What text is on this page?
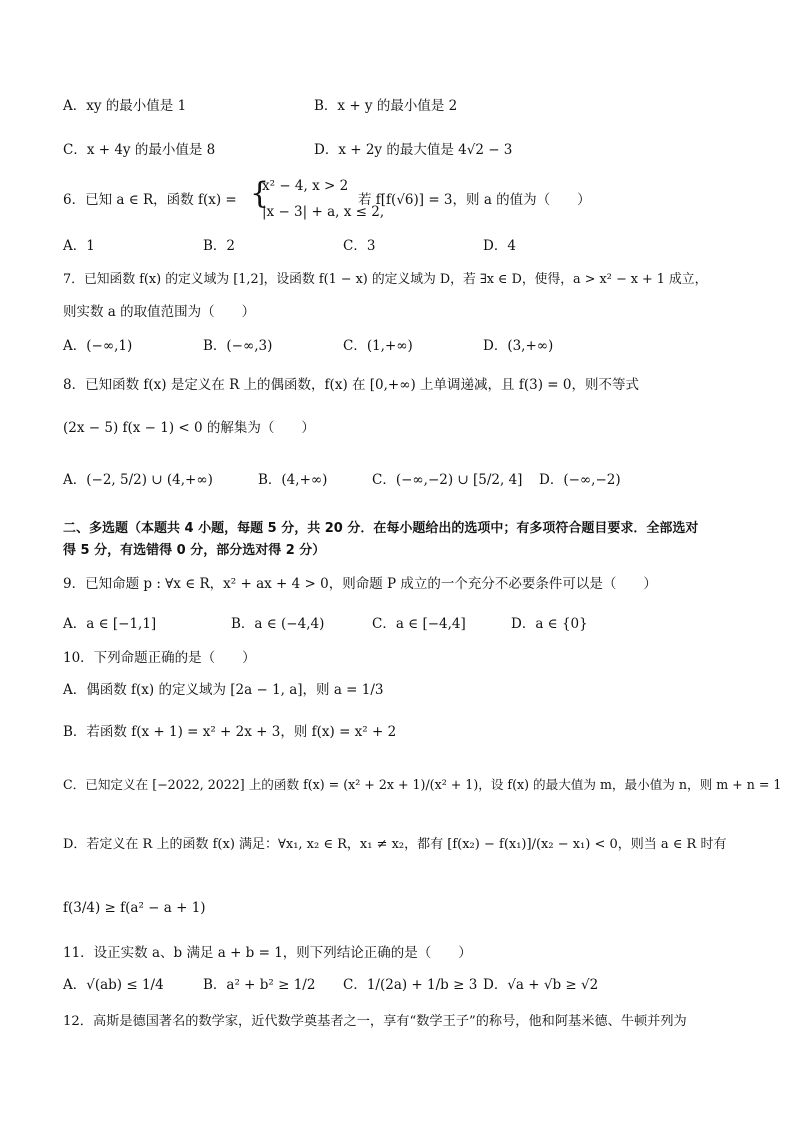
A．xy 的最小值是 1	B．x + y 的最小值是 2
C．x + 4y 的最小值是 8	D．x + 2y 的最大值是 4√2 − 3
6．已知 a ∈ R，函数 f(x) = {
x² − 4, x > 2
|x − 3| + a, x ≤ 2,
若 f[f(√6)] = 3，则 a 的值为（　　）
A．1	B．2	C．3	D．4
7．已知函数 f(x) 的定义域为 [1,2]，设函数 f(1 − x) 的定义域为 D，若 ∃x ∈ D，使得，a > x² − x + 1 成立，
则实数 a 的取值范围为（　　）
A．(−∞,1)	B．(−∞,3)	C．(1,+∞)	D．(3,+∞)
8．已知函数 f(x) 是定义在 R 上的偶函数，f(x) 在 [0,+∞) 上单调递减，且 f(3) = 0，则不等式
(2x − 5) f(x − 1) < 0 的解集为（　　）
A．(−2, 5/2) ∪ (4,+∞)	B．(4,+∞)	C．(−∞,−2) ∪ [5/2, 4] D．(−∞,−2)
二、多选题（本题共 4 小题，每题 5 分，共 20 分．在每小题给出的选项中；有多项符合题目要求．全部选对
得 5 分，有选错得 0 分，部分选对得 2 分）
9．已知命题 p : ∀x ∈ R，x² + ax + 4 > 0，则命题 P 成立的一个充分不必要条件可以是（　　）
A．a ∈ [−1,1]	B．a ∈ (−4,4)	C．a ∈ [−4,4]	D．a ∈ {0}
10．下列命题正确的是（　　）
A．偶函数 f(x) 的定义域为 [2a − 1, a]，则 a = 1/3
B．若函数 f(x + 1) = x² + 2x + 3，则 f(x) = x² + 2
C．已知定义在 [−2022, 2022] 上的函数 f(x) = (x² + 2x + 1)/(x² + 1)，设 f(x) 的最大值为 m，最小值为 n，则 m + n = 1
D．若定义在 R 上的函数 f(x) 满足：∀x₁, x₂ ∈ R，x₁ ≠ x₂，都有 [f(x₂) − f(x₁)]/(x₂ − x₁) < 0，则当 a ∈ R 时有
f(3/4) ≥ f(a² − a + 1)
11．设正实数 a、b 满足 a + b = 1，则下列结论正确的是（　　）
A．√(ab) ≤ 1/4	B．a² + b² ≥ 1/2 C．1/(2a) + 1/b ≥ 3 D．√a + √b ≥ √2
12．高斯是德国著名的数学家，近代数学奠基者之一，享有“数学王子”的称号，他和阿基米德、牛顿并列为
